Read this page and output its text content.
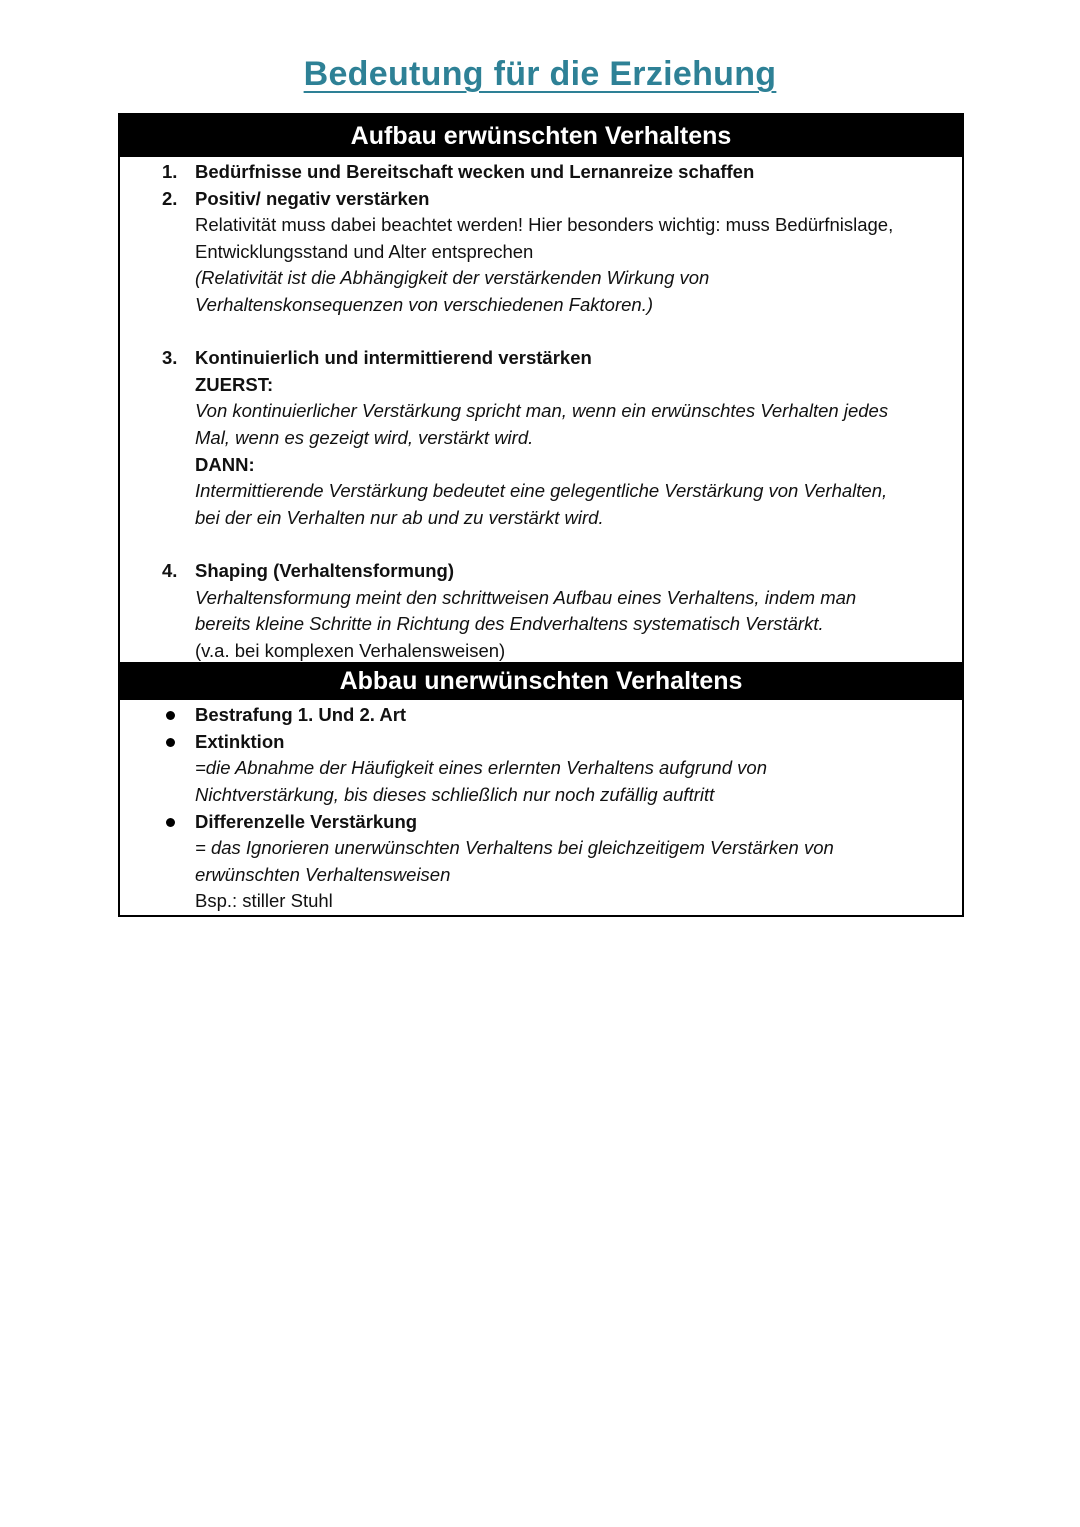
Bedeutung für die Erziehung
Aufbau erwünschten Verhaltens
1. Bedürfnisse und Bereitschaft wecken und Lernanreize schaffen
2. Positiv/ negativ verstärken
Relativität muss dabei beachtet werden! Hier besonders wichtig: muss Bedürfnislage,
Entwicklungsstand und Alter entsprechen
(Relativität ist die Abhängigkeit der verstärkenden Wirkung von
Verhaltenskonsequenzen von verschiedenen Faktoren.)
3. Kontinuierlich und intermittierend verstärken
ZUERST:
Von kontinuierlicher Verstärkung spricht man, wenn ein erwünschtes Verhalten jedes
Mal, wenn es gezeigt wird, verstärkt wird.
DANN:
Intermittierende Verstärkung bedeutet eine gelegentliche Verstärkung von Verhalten,
bei der ein Verhalten nur ab und zu verstärkt wird.
4. Shaping (Verhaltensformung)
Verhaltensformung meint den schrittweisen Aufbau eines Verhaltens, indem man
bereits kleine Schritte in Richtung des Endverhaltens systematisch Verstärkt.
(v.a. bei komplexen Verhalensweisen)
Abbau unerwünschten Verhaltens
Bestrafung 1. Und 2. Art
Extinktion
=die Abnahme der Häufigkeit eines erlernten Verhaltens aufgrund von
Nichtverstärkung, bis dieses schließlich nur noch zufällig auftritt
Differenzelle Verstärkung
= das Ignorieren unerwünschten Verhaltens bei gleichzeitigem Verstärken von
erwünschten Verhaltensweisen
Bsp.: stiller Stuhl
